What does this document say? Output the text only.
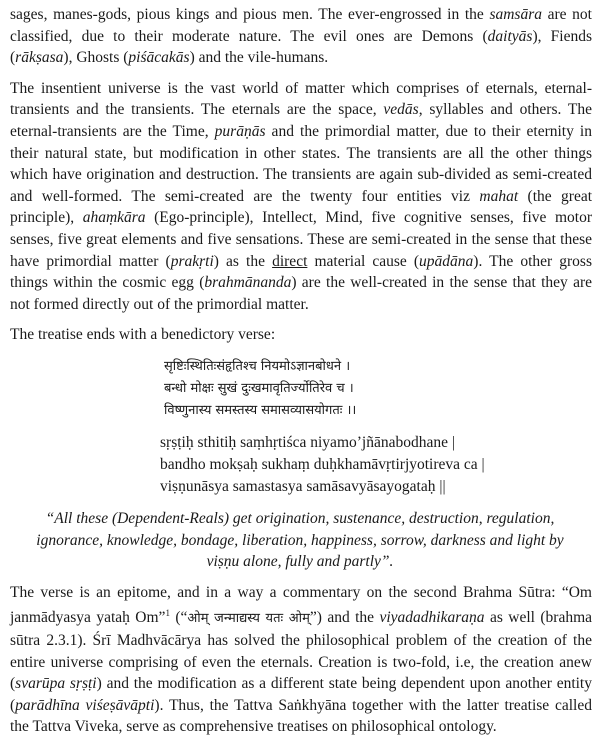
sages, manes-gods, pious kings and pious men. The ever-engrossed in the samsāra are not classified, due to their moderate nature. The evil ones are Demons (daityās), Fiends (rākṣasa), Ghosts (piśācakās) and the vile-humans.

The insentient universe is the vast world of matter which comprises of eternals, eternal-transients and the transients. The eternals are the space, vedās, syllables and others. The eternal-transients are the Time, purāṇās and the primordial matter, due to their eternity in their natural state, but modification in other states. The transients are all the other things which have origination and destruction. The transients are again sub-divided as semi-created and well-formed. The semi-created are the twenty four entities viz mahat (the great principle), ahaṃkāra (Ego-principle), Intellect, Mind, five cognitive senses, five motor senses, five great elements and five sensations. These are semi-created in the sense that these have primordial matter (prakṛti) as the direct material cause (upādāna). The other gross things within the cosmic egg (brahmānanda) are the well-created in the sense that they are not formed directly out of the primordial matter.

The treatise ends with a benedictory verse:

सृष्टिःस्थितिःसंहृतिश्च नियमोऽज्ञानबोधने ।
बन्धो मोक्षः सुखं दुःखमावृतिर्ज्योतिरेव च ।
विष्णुनास्य समस्तस्य समासव्यासयोगतः ।।
sṛṣṭiḥ sthitiḥ saṃhṛtiśca niyamo’jñānabodhane |
bandho mokṣaḥ sukhaṃ duḥkhamāvṛtirjyotireva ca |
viṣṇunāsya samastasya samāsavyāsayogataḥ ||

“All these (Dependent-Reals) get origination, sustenance, destruction, regulation, ignorance, knowledge, bondage, liberation, happiness, sorrow, darkness and light by viṣṇu alone, fully and partly”.

The verse is an epitome, and in a way a commentary on the second Brahma Sūtra: “Om janmādyasya yataḥ Om”$^1$ (“ओम् जन्माद्यस्य यतः ओम्”) and the viyadadhikaraṇa as well (brahma sūtra 2.3.1). Śrī Madhvācārya has solved the philosophical problem of the creation of the entire universe comprising of even the eternals. Creation is two-fold, i.e, the creation anew (svarūpa sṛṣṭi) and the modification as a different state being dependent upon another entity (parādhīna viśeṣāvāpti). Thus, the Tattva Saṅkhyāna together with the latter treatise called the Tattva Viveka, serve as comprehensive treatises on philosophical ontology.
